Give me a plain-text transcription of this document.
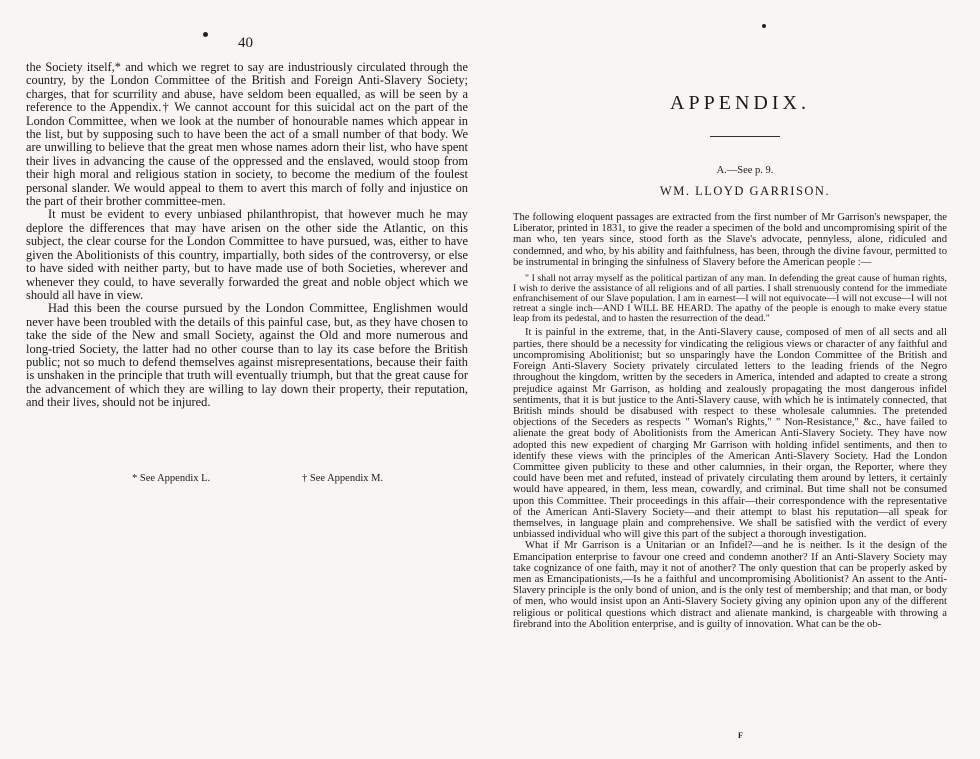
40

the Society itself,* and which we regret to say are industriously circulated through the country, by the London Committee of the British and Foreign Anti-Slavery Society; charges, that for scurrility and abuse, have seldom been equalled, as will be seen by a reference to the Appendix.† We cannot account for this suicidal act on the part of the London Committee, when we look at the number of honourable names which appear in the list, but by supposing such to have been the act of a small number of that body. We are unwilling to believe that the great men whose names adorn their list, who have spent their lives in advancing the cause of the oppressed and the enslaved, would stoop from their high moral and religious station in society, to become the medium of the foulest personal slander. We would appeal to them to avert this march of folly and injustice on the part of their brother committee-men.

It must be evident to every unbiased philanthropist, that however much he may deplore the differences that may have arisen on the other side the Atlantic, on this subject, the clear course for the London Committee to have pursued, was, either to have given the Abolitionists of this country, impartially, both sides of the controversy, or else to have sided with neither party, but to have made use of both Societies, wherever and whenever they could, to have severally forwarded the great and noble object which we should all have in view.

Had this been the course pursued by the London Committee, Englishmen would never have been troubled with the details of this painful case, but, as they have chosen to take the side of the New and small Society, against the Old and more numerous and long-tried Society, the latter had no other course than to lay its case before the British public; not so much to defend themselves against misrepresentations, because their faith is unshaken in the principle that truth will eventually triumph, but that the great cause for the advancement of which they are willing to lay down their property, their reputation, and their lives, should not be injured.

* See Appendix L.	† See Appendix M.
APPENDIX.
A.—See p. 9.
WM. LLOYD GARRISON.

The following eloquent passages are extracted from the first number of Mr Garrison's newspaper, the Liberator, printed in 1831, to give the reader a specimen of the bold and uncompromising spirit of the man who, ten years since, stood forth as the Slave's advocate, pennyless, alone, ridiculed and condemned, and who, by his ability and faithfulness, has been, through the divine favour, permitted to be instrumental in bringing the sinfulness of Slavery before the American people :—

" I shall not array myself as the political partizan of any man. In defending the great cause of human rights, I wish to derive the assistance of all religions and of all parties. I shall strenuously contend for the immediate enfranchisement of our Slave population. I am in earnest—I will not equivocate—I will not excuse—I will not retreat a single inch—AND I WILL BE HEARD. The apathy of the people is enough to make every statue leap from its pedestal, and to hasten the resurrection of the dead."

It is painful in the extreme, that, in the Anti-Slavery cause, composed of men of all sects and all parties, there should be a necessity for vindicating the religious views or character of any faithful and uncompromising Abolitionist; but so unsparingly have the London Committee of the British and Foreign Anti-Slavery Society privately circulated letters to the leading friends of the Negro throughout the kingdom, written by the seceders in America, intended and adapted to create a strong prejudice against Mr Garrison, as holding and zealously propagating the most dangerous infidel sentiments, that it is but justice to the Anti-Slavery cause, with which he is intimately connected, that British minds should be disabused with respect to these wholesale calumnies. The pretended objections of the Seceders as respects " Woman's Rights," " Non-Resistance," &c., have failed to alienate the great body of Abolitionists from the American Anti-Slavery Society. They have now adopted this new expedient of charging Mr Garrison with holding infidel sentiments, and then to identify these views with the principles of the American Anti-Slavery Society. Had the London Committee given publicity to these and other calumnies, in their organ, the Reporter, where they could have been met and refuted, instead of privately circulating them around by letters, it certainly would have appeared, in them, less mean, cowardly, and criminal. But time shall not be consumed upon this Committee. Their proceedings in this affair—their correspondence with the representative of the American Anti-Slavery Society—and their attempt to blast his reputation—all speak for themselves, in language plain and comprehensive. We shall be satisfied with the verdict of every unbiassed individual who will give this part of the subject a thorough investigation.

What if Mr Garrison is a Unitarian or an Infidel?—and he is neither. Is it the design of the Emancipation enterprise to favour one creed and condemn another? If an Anti-Slavery Society may take cognizance of one faith, may it not of another? The only question that can be properly asked by men as Emancipationists,—Is he a faithful and uncompromising Abolitionist? An assent to the Anti-Slavery principle is the only bond of union, and is the only test of membership; and that man, or body of men, who would insist upon an Anti-Slavery Society giving any opinion upon any of the different religious or political questions which distract and alienate mankind, is chargeable with throwing a firebrand into the Abolition enterprise, and is guilty of innovation. What can be the ob-

F
